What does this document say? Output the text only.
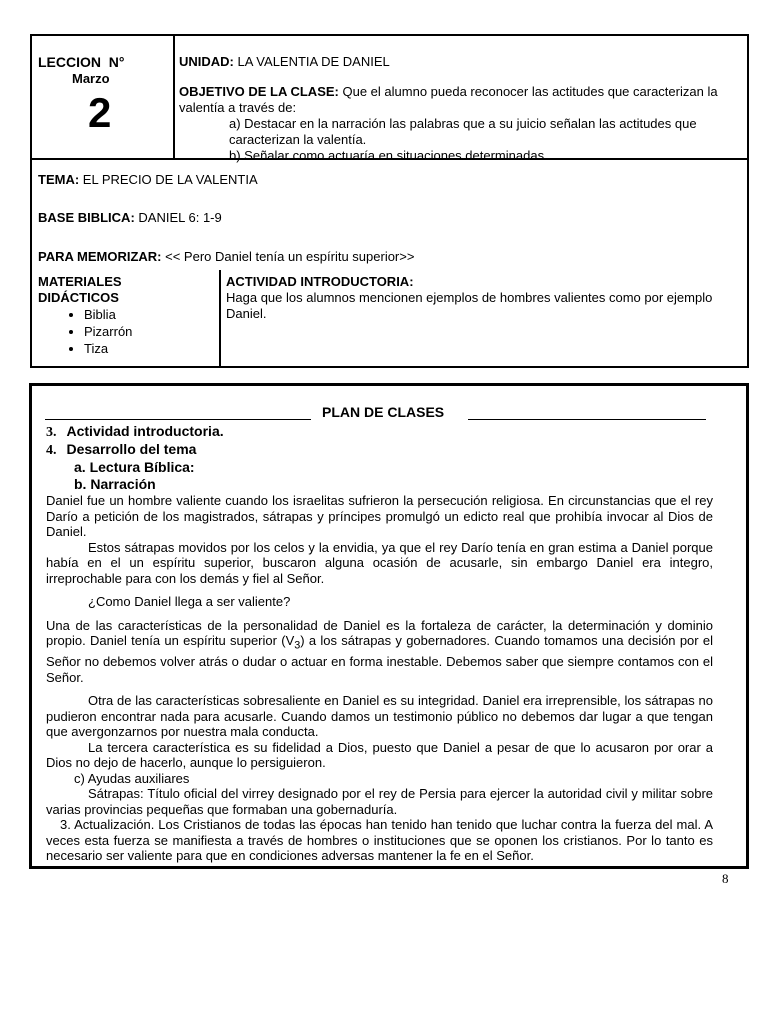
LECCION  N°
Marzo
2
UNIDAD: LA VALENTIA DE DANIEL
OBJETIVO DE LA CLASE: Que el alumno pueda reconocer las actitudes que caracterizan la valentía a través de:
a) Destacar en la narración las palabras que a su juicio señalan las actitudes que caracterizan la valentía.
b) Señalar como actuaría en situaciones determinadas.
TEMA: EL PRECIO DE LA VALENTIA
BASE BIBLICA: DANIEL 6: 1-9
PARA MEMORIZAR: << Pero Daniel tenía un espíritu superior>>
MATERIALES
DIDÁCTICOS
• Biblia
• Pizarrón
• Tiza
ACTIVIDAD INTRODUCTORIA:
Haga que los alumnos mencionen ejemplos de hombres valientes como por ejemplo Daniel.
PLAN DE CLASES
3. Actividad introductoria.
4. Desarrollo del tema
a. Lectura Bíblica:
b. Narración

Daniel fue un hombre valiente cuando los israelitas sufrieron la persecución religiosa. En circunstancias que el rey Darío a petición de los magistrados, sátrapas y príncipes promulgó un edicto real que prohibía invocar al Dios de Daniel.

Estos sátrapas movidos por los celos y la envidia, ya que el rey Darío tenía en gran estima a Daniel porque había en el un espíritu superior, buscaron alguna ocasión de acusarle, sin embargo Daniel era integro, irreprochable para con los demás y fiel al Señor.

¿Como Daniel llega a ser valiente?

Una de las características de la personalidad de Daniel es la fortaleza de carácter, la determinación y dominio propio. Daniel tenía un espíritu superior $(V_3)$ a los sátrapas y gobernadores. Cuando tomamos una decisión por el Señor no debemos volver atrás o dudar o actuar en forma inestable. Debemos saber que siempre contamos con el Señor.

Otra de las características sobresaliente en Daniel es su integridad. Daniel era irreprensible, los sátrapas no pudieron encontrar nada para acusarle. Cuando damos un testimonio público no debemos dar lugar a que tengan que avergonzarnos por nuestra mala conducta.

La tercera característica es su fidelidad a Dios, puesto que Daniel a pesar de que lo acusaron por orar a Dios no dejo de hacerlo, aunque lo persiguieron.

c) Ayudas auxiliares

Sátrapas: Título oficial del virrey designado por el rey de Persia para ejercer la autoridad civil y militar sobre varias provincias pequeñas que formaban una gobernaduría.

3. Actualización. Los Cristianos de todas las épocas han tenido han tenido que luchar contra la fuerza del mal. A veces esta fuerza se manifiesta a través de hombres o instituciones que se oponen los cristianos. Por lo tanto es necesario ser valiente para que en condiciones adversas mantener la fe en el Señor.

8
